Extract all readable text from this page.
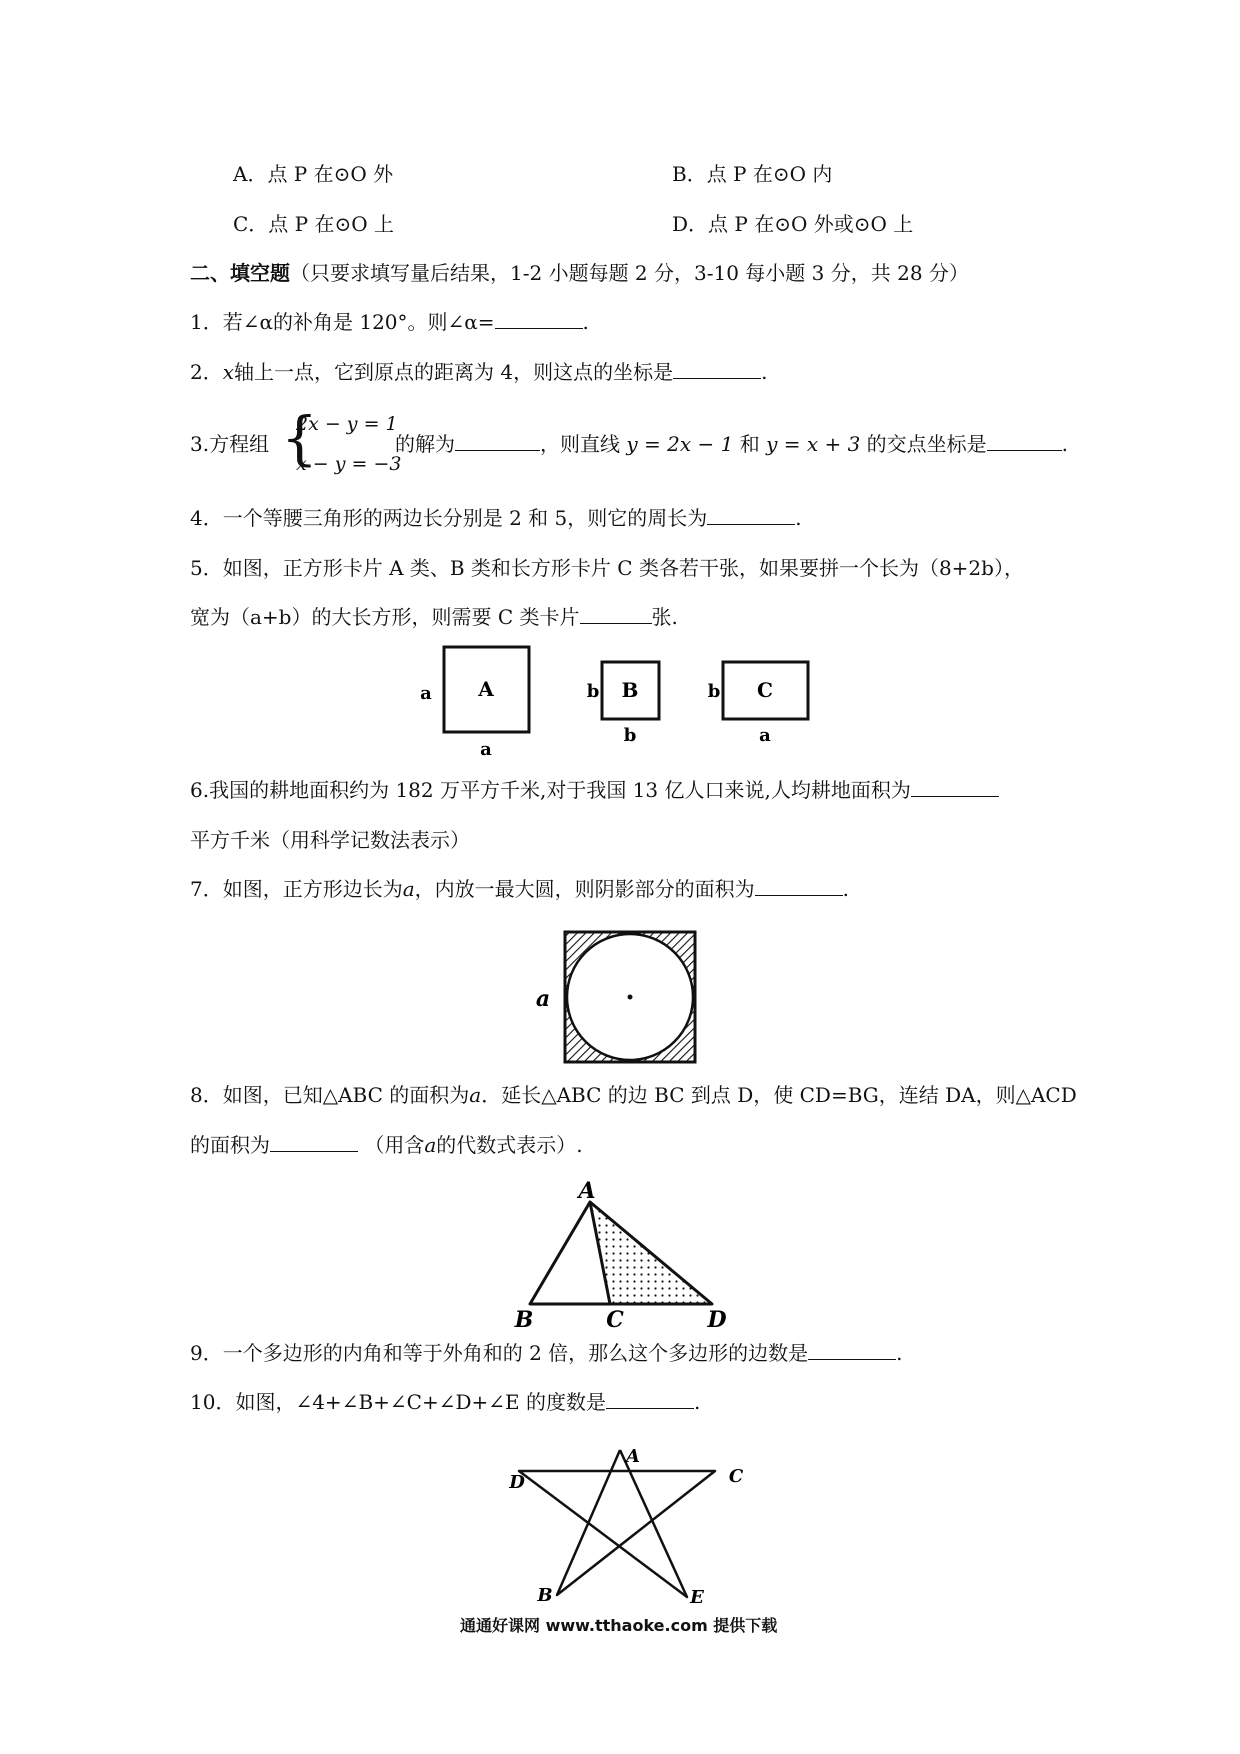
A．点 P 在⊙O 外	B．点 P 在⊙O 内
C．点 P 在⊙O 上	D．点 P 在⊙O 外或⊙O 上
二、填空题（只要求填写量后结果，1-2 小题每题 2 分，3-10 每小题 3 分，共 28 分）
1．若∠α的补角是 120°。则∠α=	.
2．x轴上一点，它到原点的距离为 4，则这点的坐标是	.
3.方程组 {
2x − y = 1
x − y = −3
的解为	，则直线 y = 2x − 1 和 y = x + 3 的交点坐标是	.
4．一个等腰三角形的两边长分别是 2 和 5，则它的周长为	.
5．如图，正方形卡片 A 类、B 类和长方形卡片 C 类各若干张，如果要拼一个长为（8+2b），
宽为（a+b）的大长方形，则需要 C 类卡片	张.
A
a
a
B
b
b
C
b
a
6.我国的耕地面积约为 182 万平方千米,对于我国 13 亿人口来说,人均耕地面积为
平方千米（用科学记数法表示）
7．如图，正方形边长为a，内放一最大圆，则阴影部分的面积为	.
a
8．如图，已知△ABC 的面积为a．延长△ABC 的边 BC 到点 D，使 CD=BG，连结 DA，则△ACD
的面积为	（用含a的代数式表示）.
A
B	C	D
9．一个多边形的内角和等于外角和的 2 倍，那么这个多边形的边数是	.
10．如图，∠4+∠B+∠C+∠D+∠E 的度数是	.
A
C
D
B	E
通通好课网 www.tthaoke.com 提供下载
